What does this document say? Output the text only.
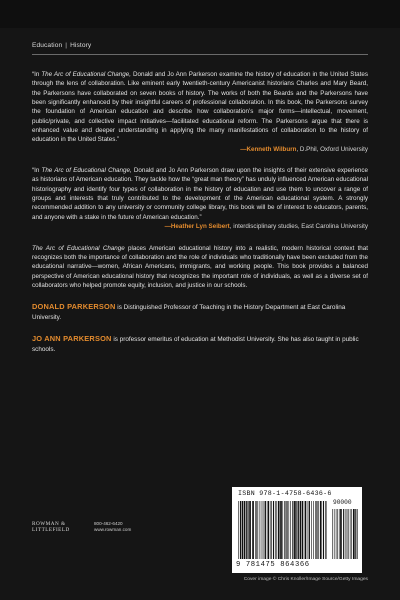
Education | History

“In The Arc of Educational Change, Donald and Jo Ann Parkerson examine the history of education in the United States through the lens of collaboration. Like eminent early twentieth-century Americanist historians Charles and Mary Beard, the Parkersons have collaborated on seven books of history. The works of both the Beards and the Parkersons have been significantly enhanced by their insightful careers of professional collaboration. In this book, the Parkersons survey the foundation of American education and describe how collaboration’s major forms—intellectual, movement, public/private, and collective impact initiatives—facilitated educational reform. The Parkersons argue that there is enhanced value and deeper understanding in applying the many manifestations of collaboration to the history of education in the United States.”

—Kenneth Wilburn, D.Phil, Oxford University

“In The Arc of Educational Change, Donald and Jo Ann Parkerson draw upon the insights of their extensive experience as historians of American education. They tackle how the “great man theory” has unduly influenced American educational historiography and identify four types of collaboration in the history of education and use them to uncover a range of groups and interests that truly contributed to the development of the American educational system. A strongly recommended addition to any university or community college library, this book will be of interest to educators, parents, and anyone with a stake in the future of American education.”

—Heather Lyn Seibert, interdisciplinary studies, East Carolina University

The Arc of Educational Change places American educational history into a realistic, modern historical context that recognizes both the importance of collaboration and the role of individuals who traditionally have been excluded from the educational narrative—women, African Americans, immigrants, and working people. This book provides a balanced perspective of American educational history that recognizes the important role of individuals, as well as a diverse set of collaborators who helped promote equity, inclusion, and justice in our schools.

DONALD PARKERSON is Distinguished Professor of Teaching in the History Department at East Carolina University.

JO ANN PARKERSON is professor emeritus of education at Methodist University. She has also taught in public schools.

ROWMAN &
LITTLEFIELD
800-462-6420
www.rowman.com
ISBN 978-1-4758-6436-6
90000
9 781475 864366
Cover image © Chris Knoller/Image Source/Getty Images
